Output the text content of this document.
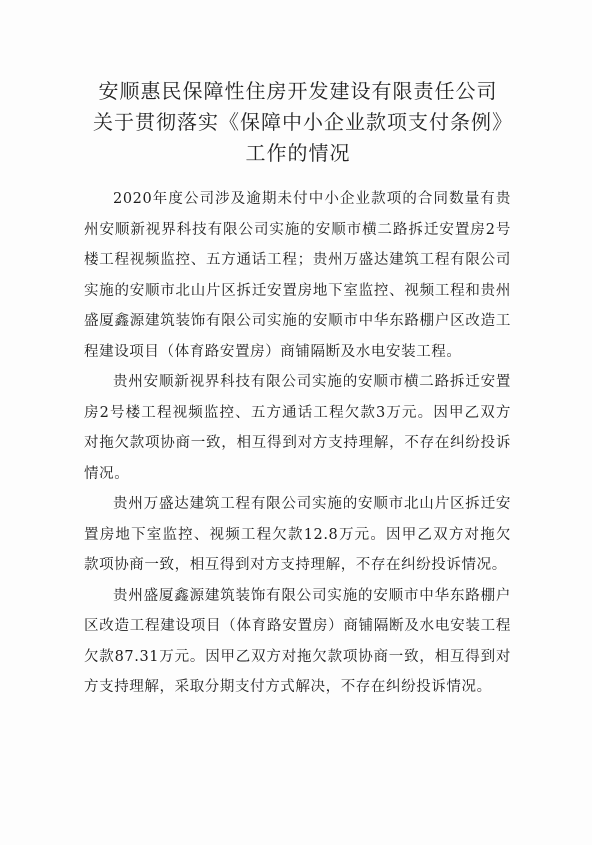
安顺惠民保障性住房开发建设有限责任公司关于贯彻落实《保障中小企业款项支付条例》工作的情况

2020年度公司涉及逾期未付中小企业款项的合同数量有贵州安顺新视界科技有限公司实施的安顺市横二路拆迁安置房2号楼工程视频监控、五方通话工程；贵州万盛达建筑工程有限公司实施的安顺市北山片区拆迁安置房地下室监控、视频工程和贵州盛厦鑫源建筑装饰有限公司实施的安顺市中华东路棚户区改造工程建设项目（体育路安置房）商铺隔断及水电安装工程。

贵州安顺新视界科技有限公司实施的安顺市横二路拆迁安置房2号楼工程视频监控、五方通话工程欠款3万元。因甲乙双方对拖欠款项协商一致，相互得到对方支持理解，不存在纠纷投诉情况。

贵州万盛达建筑工程有限公司实施的安顺市北山片区拆迁安置房地下室监控、视频工程欠款12.8万元。因甲乙双方对拖欠款项协商一致，相互得到对方支持理解，不存在纠纷投诉情况。

贵州盛厦鑫源建筑装饰有限公司实施的安顺市中华东路棚户区改造工程建设项目（体育路安置房）商铺隔断及水电安装工程欠款87.31万元。因甲乙双方对拖欠款项协商一致，相互得到对方支持理解，采取分期支付方式解决，不存在纠纷投诉情况。
